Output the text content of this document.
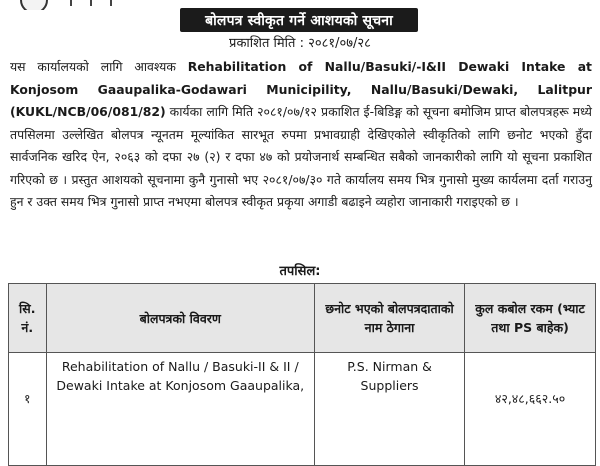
बोलपत्र स्वीकृत गर्ने आशयको सूचना
प्रकाशित मिति : २०८१/०७/२८

यस कार्यालयको लागि आवश्यक Rehabilitation of Nallu/Basuki/-I&II Dewaki Intake at Konjosom Gaaupalika-Godawari Municipility, Nallu/Basuki/Dewaki, Lalitpur (KUKL/NCB/06/081/82) कार्यका लागि मिति २०८१/०७/१२ प्रकाशित ई-बिडिङ्ग को सूचना बमोजिम प्राप्त बोलपत्रहरू मध्ये तपसिलमा उल्लेखित बोलपत्र न्यूनतम मूल्यांकित सारभूत रुपमा प्रभावग्राही देखिएकोले स्वीकृतिको लागि छनोट भएको हुँदा सार्वजनिक खरिद ऐन, २०६३ को दफा २७ (२) र दफा ४७ को प्रयोजनार्थ सम्बन्धित सबैको जानकारीको लागि यो सूचना प्रकाशित गरिएको छ । प्रस्तुत आशयको सूचनामा कुनै गुनासो भए २०८१/०७/३० गते कार्यालय समय भित्र गुनासो मुख्य कार्यलमा दर्ता गराउनु हुन र उक्त समय भित्र गुनासो प्राप्त नभएमा बोलपत्र स्वीकृत प्रकृया अगाडी बढाइने व्यहोरा जानाकारी गराइएको छ ।

तपसिल:
सि. नं.	बोलपत्रको विवरण	छनोट भएको बोलपत्रदाताको नाम ठेगाना	कुल कबोल रकम (भ्याट तथा PS बाहेक)
१	Rehabilitation of Nallu / Basuki-II & II / Dewaki Intake at Konjosom Gaaupalika,	P.S. Nirman & Suppliers	४२,४८,६६२.५०
